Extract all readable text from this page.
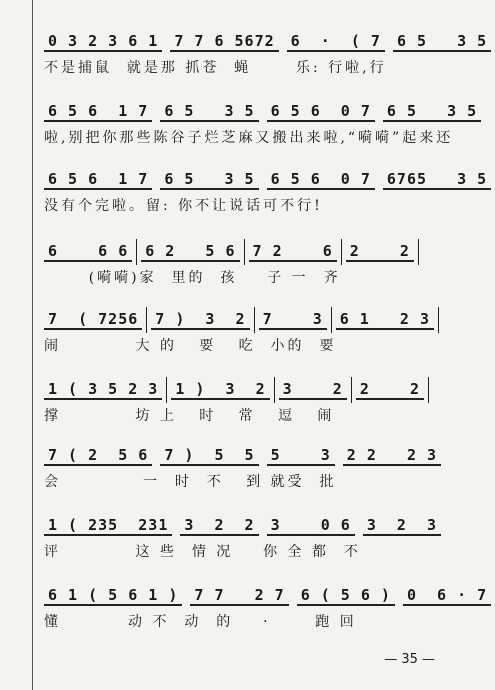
0 3 2 3 6 1 7 7 6 5672 6  ·  ( 7 6 5   3 5
不是捕鼠  就是那 抓苍  蝇      乐: 行啦,行
6 5 6  1 7 6 5   3 5 6 5 6  0 7 6 5   3 5
啦,别把你那些陈谷子烂芝麻又搬出来啦,“嗬嗬”起来还
6 5 6  1 7 6 5   3 5 6 5 6  0 7 6765   3 5
没有个完啦。留: 你不让说话可不行!
6    6 6 6 2   5 6 7 2    6 2    2
(嗬嗬)家  里的  孩    子 一  齐
7  ( 7256 7 )  3  2 7    3 6 1   2 3
闹          大 的   要   吃  小的  要
1 ( 3 5 2 3 1 )  3  2 3    2 2    2
撑          坊 上   时   常   逗   闹
7 ( 2  5 6 7 )  5  5 5    3 2 2   2 3
会           一  时  不   到 就受  批
1 ( 235  231 3  2  2 3    0 6 3  2  3
评          这 些  情 况    你 全 都  不
6 1 ( 5 6 1 ) 7 7   2 7 6 ( 5 6 ) 0  6 · 7
懂         动 不  动  的    ·      跑 回
— 35 —
